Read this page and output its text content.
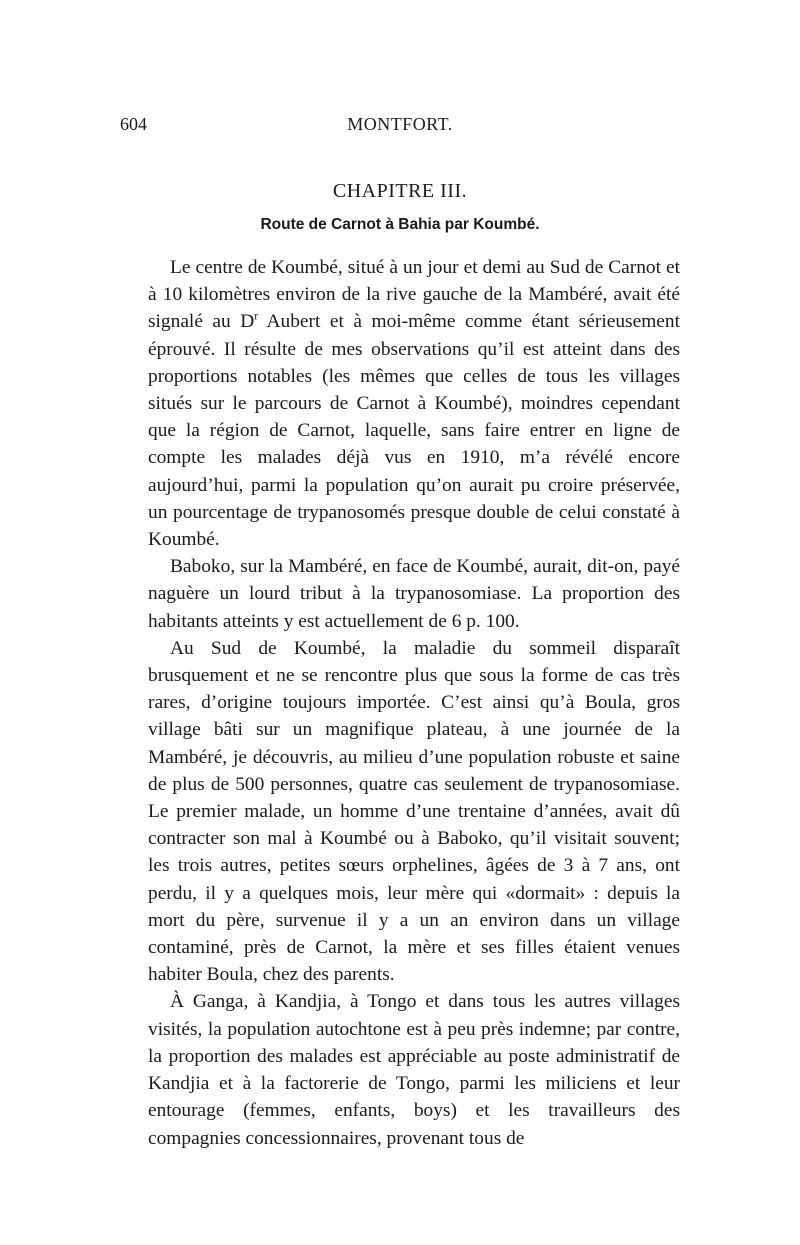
604	MONTFORT.
CHAPITRE III.
Route de Carnot à Bahia par Koumbé.

Le centre de Koumbé, situé à un jour et demi au Sud de Carnot et à 10 kilomètres environ de la rive gauche de la Mambéré, avait été signalé au $D^r$ Aubert et à moi-même comme étant sérieusement éprouvé. Il résulte de mes observations qu’il est atteint dans des proportions notables (les mêmes que celles de tous les villages situés sur le parcours de Carnot à Koumbé), moindres cependant que la région de Carnot, laquelle, sans faire entrer en ligne de compte les malades déjà vus en 1910, m’a révélé encore aujourd’hui, parmi la population qu’on aurait pu croire préservée, un pourcentage de trypanosomés presque double de celui constaté à Koumbé.

Baboko, sur la Mambéré, en face de Koumbé, aurait, dit-on, payé naguère un lourd tribut à la trypanosomiase. La proportion des habitants atteints y est actuellement de 6 p. 100.

Au Sud de Koumbé, la maladie du sommeil disparaît brusquement et ne se rencontre plus que sous la forme de cas très rares, d’origine toujours importée. C’est ainsi qu’à Boula, gros village bâti sur un magnifique plateau, à une journée de la Mambéré, je découvris, au milieu d’une population robuste et saine de plus de 500 personnes, quatre cas seulement de trypanosomiase. Le premier malade, un homme d’une trentaine d’années, avait dû contracter son mal à Koumbé ou à Baboko, qu’il visitait souvent; les trois autres, petites sœurs orphelines, âgées de 3 à 7 ans, ont perdu, il y a quelques mois, leur mère qui «dormait» : depuis la mort du père, survenue il y a un an environ dans un village contaminé, près de Carnot, la mère et ses filles étaient venues habiter Boula, chez des parents.

À Ganga, à Kandjia, à Tongo et dans tous les autres villages visités, la population autochtone est à peu près indemne; par contre, la proportion des malades est appréciable au poste administratif de Kandjia et à la factorerie de Tongo, parmi les miliciens et leur entourage (femmes, enfants, boys) et les travailleurs des compagnies concessionnaires, provenant tous de
